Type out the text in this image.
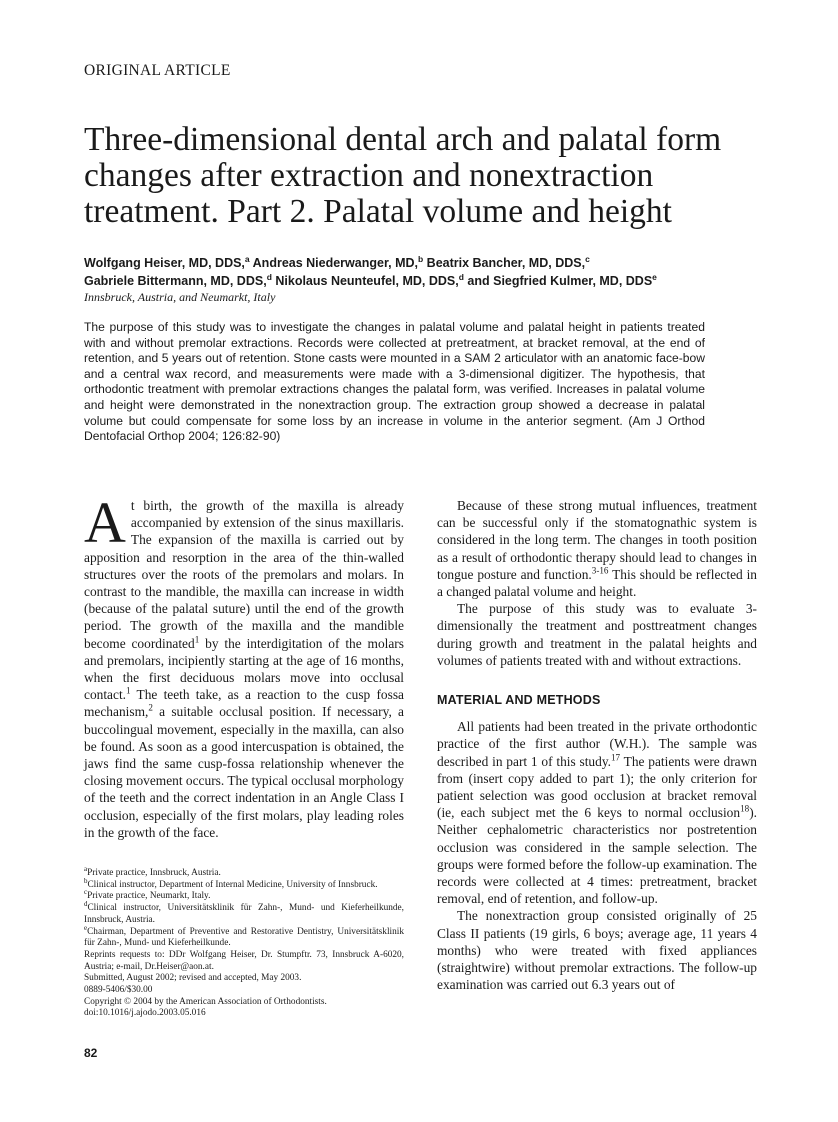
ORIGINAL ARTICLE
Three-dimensional dental arch and palatal form changes after extraction and nonextraction treatment. Part 2. Palatal volume and height
Wolfgang Heiser, MD, DDS,$^a$ Andreas Niederwanger, MD,$^b$ Beatrix Bancher, MD, DDS,$^c$
Gabriele Bittermann, MD, DDS,$^d$ Nikolaus Neunteufel, MD, DDS,$^d$ and Siegfried Kulmer, MD, DDS$^e$
Innsbruck, Austria, and Neumarkt, Italy

The purpose of this study was to investigate the changes in palatal volume and palatal height in patients treated with and without premolar extractions. Records were collected at pretreatment, at bracket removal, at the end of retention, and 5 years out of retention. Stone casts were mounted in a SAM 2 articulator with an anatomic face-bow and a central wax record, and measurements were made with a 3-dimensional digitizer. The hypothesis, that orthodontic treatment with premolar extractions changes the palatal form, was verified. Increases in palatal volume and height were demonstrated in the nonextraction group. The extraction group showed a decrease in palatal volume but could compensate for some loss by an increase in volume in the anterior segment. (Am J Orthod Dentofacial Orthop 2004; 126:82-90)

At birth, the growth of the maxilla is already accompanied by extension of the sinus maxillaris. The expansion of the maxilla is carried out by apposition and resorption in the area of the thin-walled structures over the roots of the premolars and molars. In contrast to the mandible, the maxilla can increase in width (because of the palatal suture) until the end of the growth period. The growth of the maxilla and the mandible become coordinated$^1$ by the interdigitation of the molars and premolars, incipiently starting at the age of 16 months, when the first deciduous molars move into occlusal contact.$^1$ The teeth take, as a reaction to the cusp fossa mechanism,$^2$ a suitable occlusal position. If necessary, a buccolingual movement, especially in the maxilla, can also be found. As soon as a good intercuspation is obtained, the jaws find the same cusp-fossa relationship whenever the closing movement occurs. The typical occlusal morphology of the teeth and the correct indentation in an Angle Class I occlusion, especially of the first molars, play leading roles in the growth of the face.

Because of these strong mutual influences, treatment can be successful only if the stomatognathic system is considered in the long term. The changes in tooth position as a result of orthodontic therapy should lead to changes in tongue posture and function.$^{3-16}$ This should be reflected in a changed palatal volume and height.

The purpose of this study was to evaluate 3-dimensionally the treatment and posttreatment changes during growth and treatment in the palatal heights and volumes of patients treated with and without extractions.

MATERIAL AND METHODS

All patients had been treated in the private orthodontic practice of the first author (W.H.). The sample was described in part 1 of this study.$^{17}$ The patients were drawn from (insert copy added to part 1); the only criterion for patient selection was good occlusion at bracket removal (ie, each subject met the 6 keys to normal occlusion$^{18}$). Neither cephalometric characteristics nor postretention occlusion was considered in the sample selection. The groups were formed before the follow-up examination. The records were collected at 4 times: pretreatment, bracket removal, end of retention, and follow-up.

The nonextraction group consisted originally of 25 Class II patients (19 girls, 6 boys; average age, 11 years 4 months) who were treated with fixed appliances (straightwire) without premolar extractions. The follow-up examination was carried out 6.3 years out of

$^a$Private practice, Innsbruck, Austria.
$^b$Clinical instructor, Department of Internal Medicine, University of Innsbruck.
$^c$Private practice, Neumarkt, Italy.
$^d$Clinical instructor, Universitätsklinik für Zahn-, Mund- und Kieferheilkunde, Innsbruck, Austria.
$^e$Chairman, Department of Preventive and Restorative Dentistry, Universitätsklinik für Zahn-, Mund- und Kieferheilkunde.
Reprints requests to: DDr Wolfgang Heiser, Dr. Stumpftr. 73, Innsbruck A-6020, Austria; e-mail, Dr.Heiser@aon.at.
Submitted, August 2002; revised and accepted, May 2003.
0889-5406/$30.00
Copyright © 2004 by the American Association of Orthodontists.
doi:10.1016/j.ajodo.2003.05.016
82
